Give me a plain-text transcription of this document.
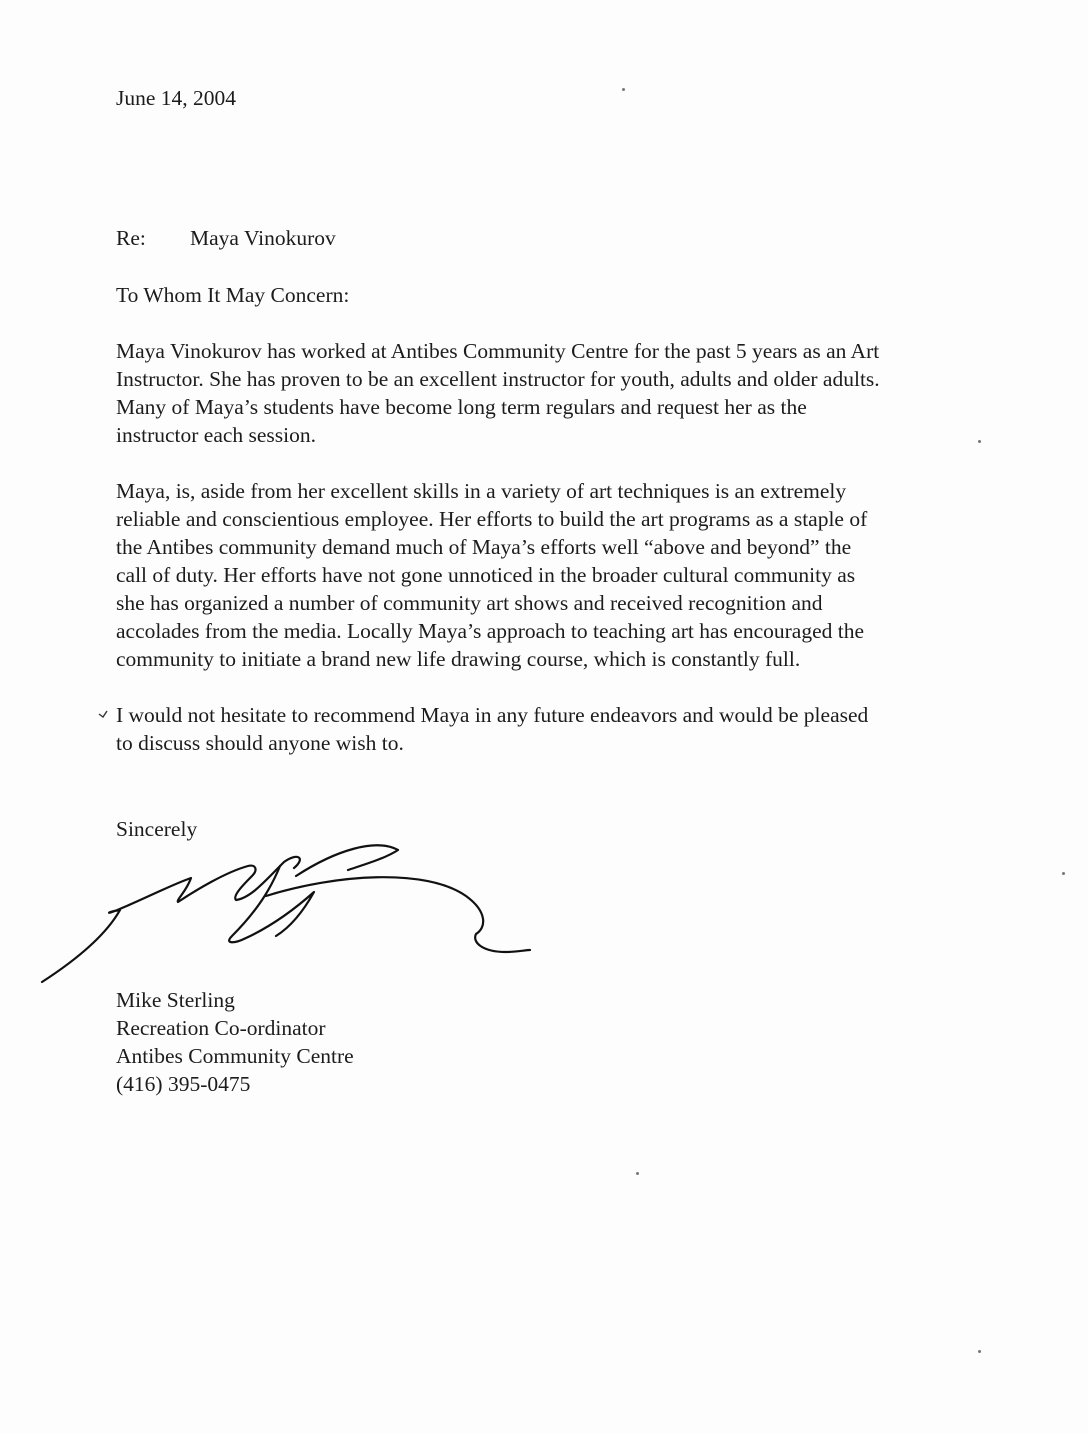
June 14, 2004
Re: Maya Vinokurov
To Whom It May Concern:
Maya Vinokurov has worked at Antibes Community Centre for the past 5 years as an Art
Instructor. She has proven to be an excellent instructor for youth, adults and older adults.
Many of Maya’s students have become long term regulars and request her as the
instructor each session.
Maya, is, aside from her excellent skills in a variety of art techniques is an extremely
reliable and conscientious employee. Her efforts to build the art programs as a staple of
the Antibes community demand much of Maya’s efforts well “above and beyond” the
call of duty. Her efforts have not gone unnoticed in the broader cultural community as
she has organized a number of community art shows and received recognition and
accolades from the media. Locally Maya’s approach to teaching art has encouraged the
community to initiate a brand new life drawing course, which is constantly full.
I would not hesitate to recommend Maya in any future endeavors and would be pleased
to discuss should anyone wish to.
Sincerely
Mike Sterling
Recreation Co-ordinator
Antibes Community Centre
(416) 395-0475
